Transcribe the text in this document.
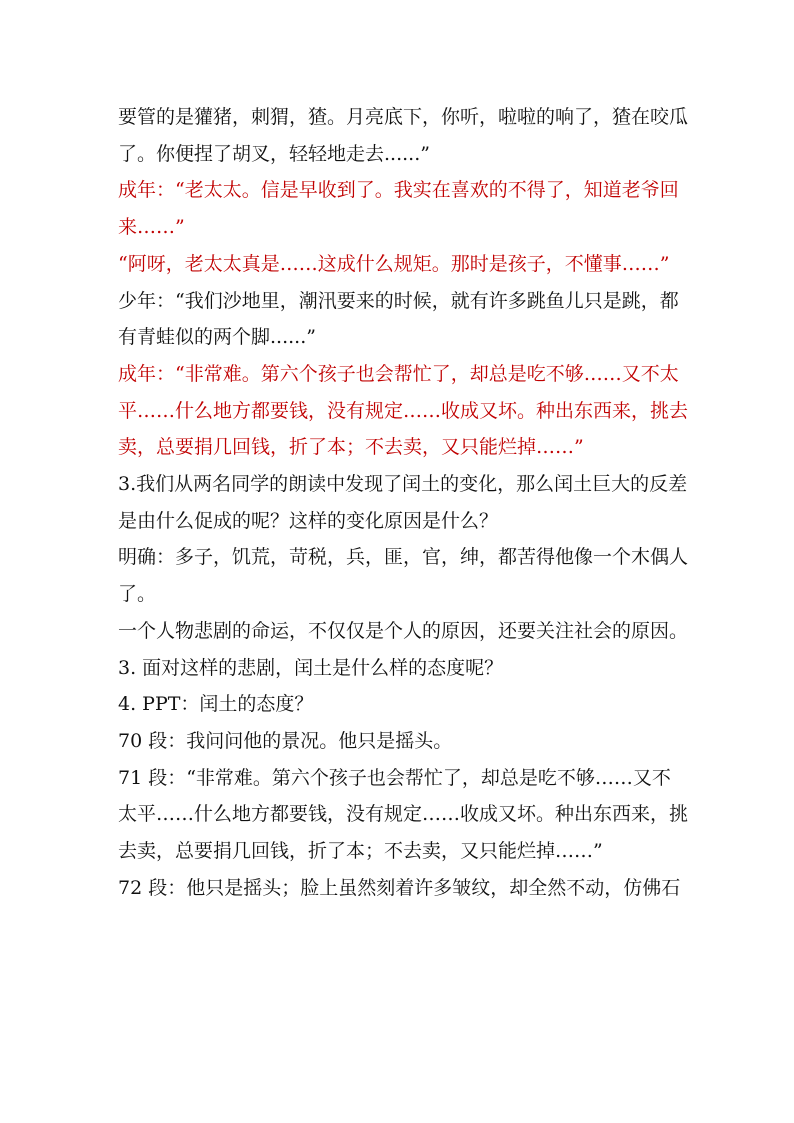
要管的是獾猪，刺猬，猹。月亮底下，你听，啦啦的响了，猹在咬瓜

了。你便捏了胡叉，轻轻地走去......”

成年：“老太太。信是早收到了。我实在喜欢的不得了，知道老爷回

来……”

“阿呀，老太太真是……这成什么规矩。那时是孩子，不懂事……”

少年：“我们沙地里，潮汛要来的时候，就有许多跳鱼儿只是跳，都

有青蛙似的两个脚......”

成年：“非常难。第六个孩子也会帮忙了，却总是吃不够……又不太

平……什么地方都要钱，没有规定……收成又坏。种出东西来，挑去

卖，总要捐几回钱，折了本；不去卖，又只能烂掉……”

3.我们从两名同学的朗读中发现了闰土的变化，那么闰土巨大的反差

是由什么促成的呢？这样的变化原因是什么？

明确：多子，饥荒，苛税，兵，匪，官，绅，都苦得他像一个木偶人

了。

一个人物悲剧的命运，不仅仅是个人的原因，还要关注社会的原因。

3. 面对这样的悲剧，闰土是什么样的态度呢？

4. PPT：闰土的态度？

70 段：我问问他的景况。他只是摇头。

71 段：“非常难。第六个孩子也会帮忙了，却总是吃不够……又不

太平……什么地方都要钱，没有规定……收成又坏。种出东西来，挑

去卖，总要捐几回钱，折了本；不去卖，又只能烂掉……”

72 段：他只是摇头；脸上虽然刻着许多皱纹，却全然不动，仿佛石
